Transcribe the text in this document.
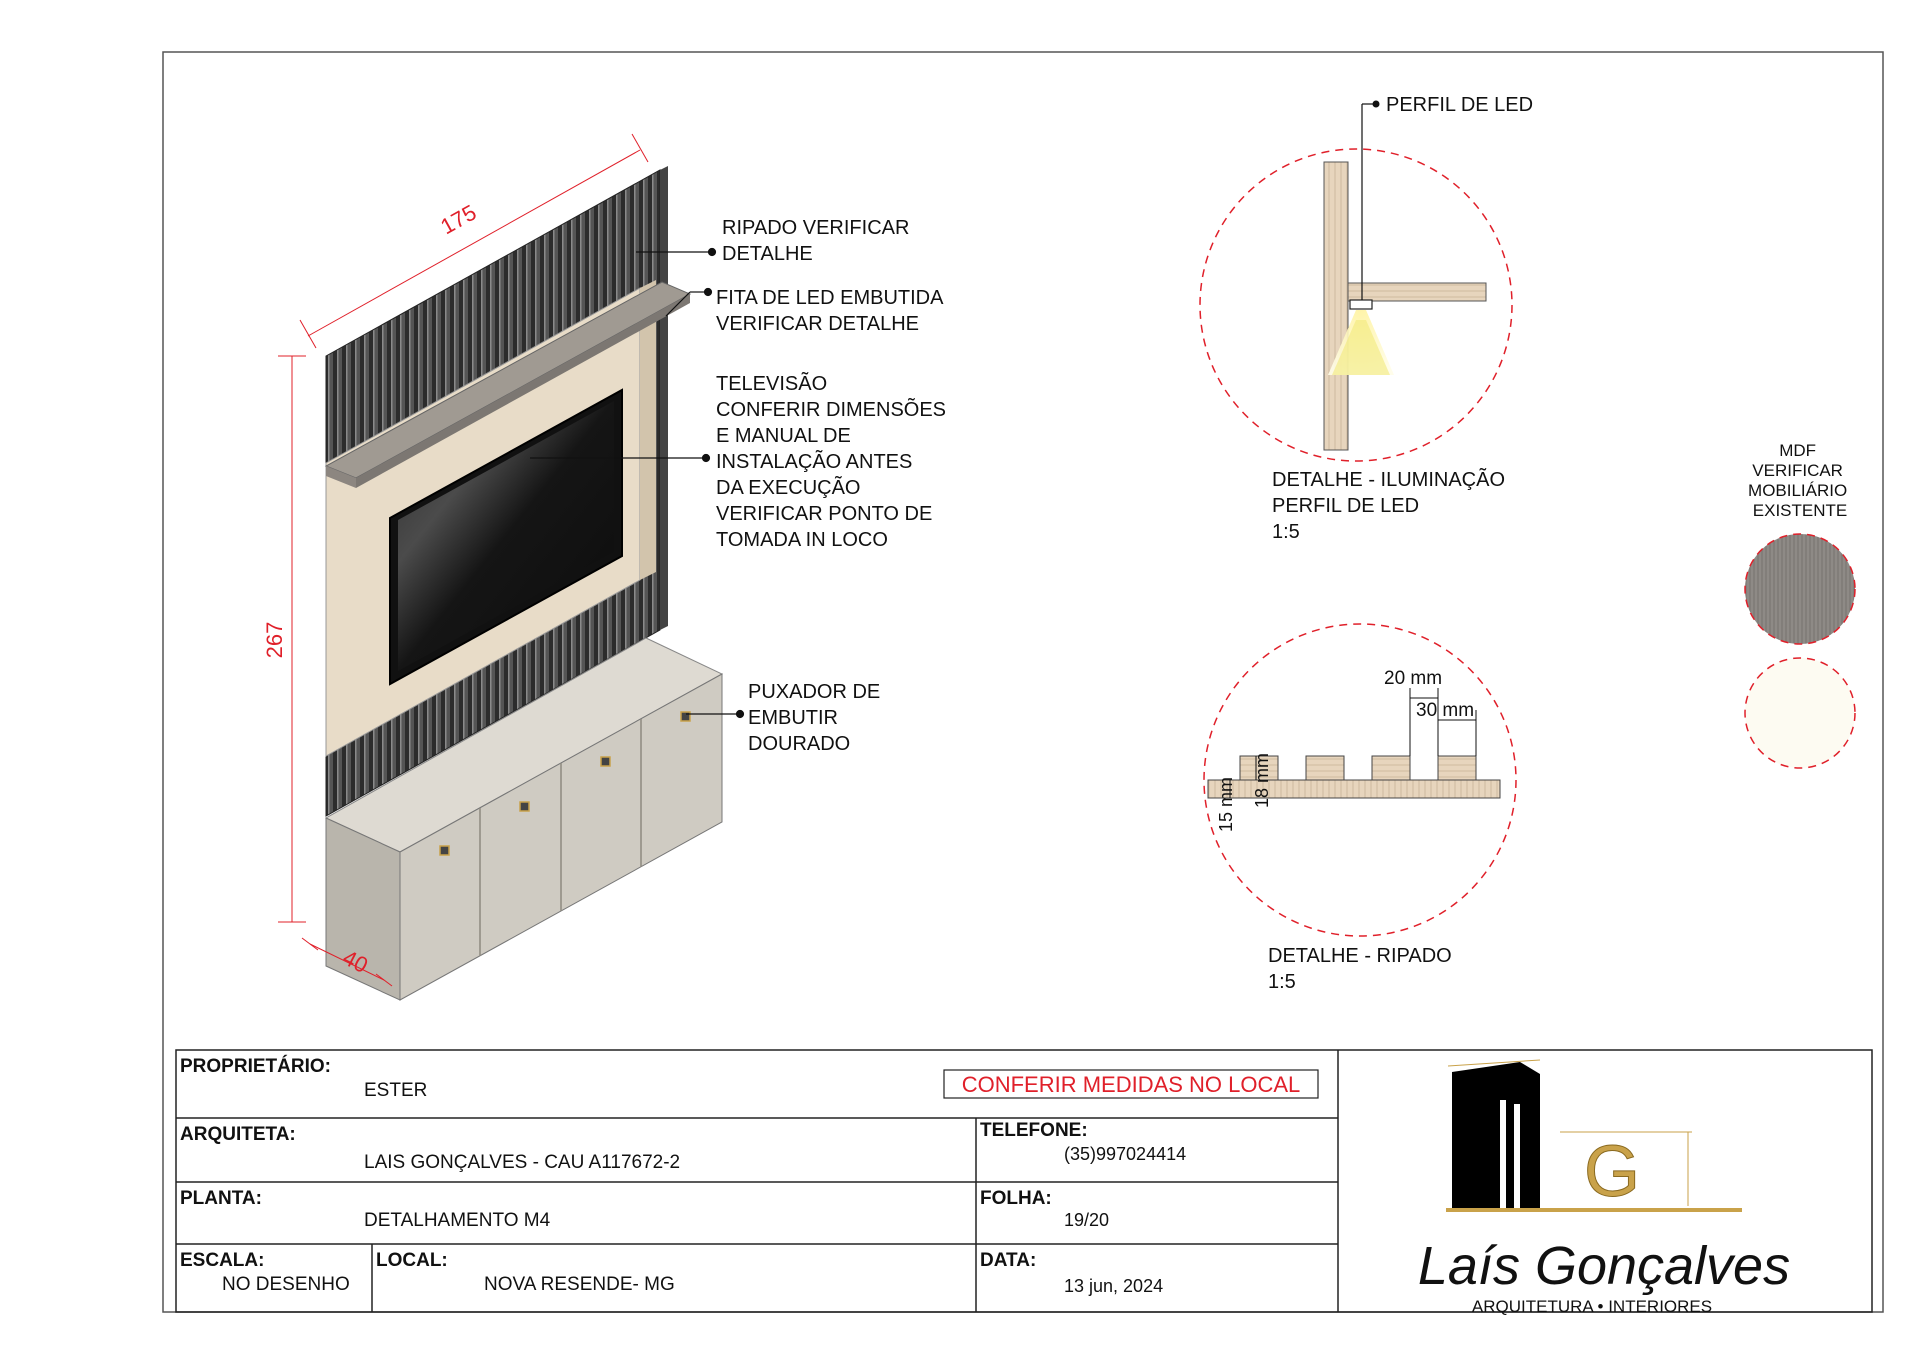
175
267
40
RIPADO VERIFICAR DETALHE
FITA DE LED EMBUTIDA VERIFICAR DETALHE
TELEVISÃO CONFERIR DIMENSÕES E MANUAL DE INSTALAÇÃO ANTES DA EXECUÇÃO VERIFICAR PONTO DE TOMADA IN LOCO
PUXADOR DE EMBUTIR DOURADO
PERFIL DE LED
DETALHE - ILUMINAÇÃO PERFIL DE LED 1:5
20 mm
30 mm
15 mm 18 mm
DETALHE - RIPADO 1:5
MDF VERIFICAR MOBILIÁRIO EXISTENTE
PROPRIETÁRIO:
ESTER	CONFERIR MEDIDAS NO LOCAL
ARQUITETA:
LAIS GONÇALVES - CAU A117672-2
TELEFONE:
(35)997024414
PLANTA:
DETALHAMENTO M4
FOLHA:
19/20
ESCALA:
NO DESENHO
LOCAL:
NOVA RESENDE- MG
DATA:
13 jun, 2024
G
Laís Gonçalves
ARQUITETURA • INTERIORES
